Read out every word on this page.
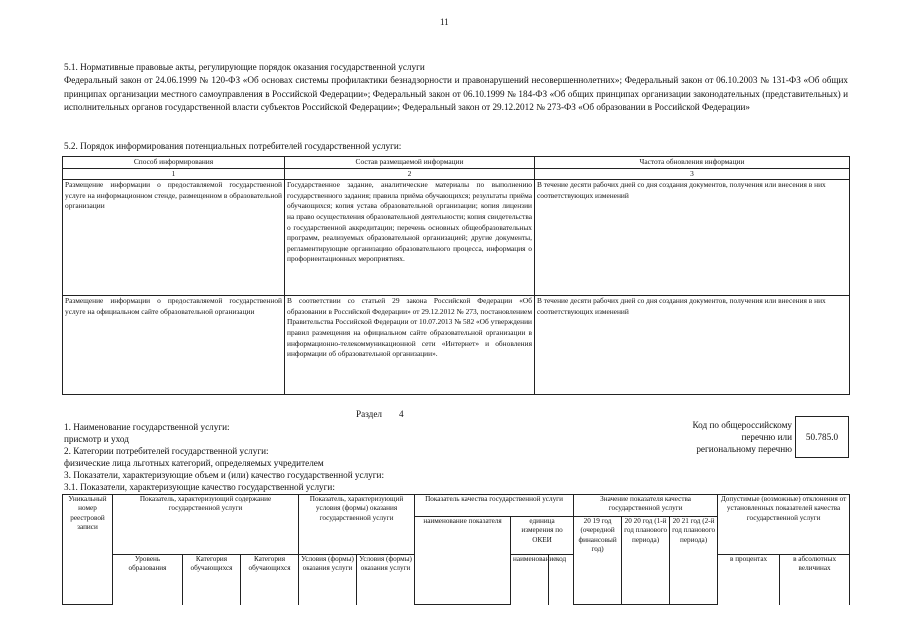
11
5.1. Нормативные правовые акты, регулирующие порядок оказания государственной услуги
Федеральный закон от 24.06.1999 № 120-ФЗ «Об основах системы профилактики безнадзорности и правонарушений несовершеннолетних»; Федеральный закон от 06.10.2003 № 131-ФЗ «Об общих принципах организации местного самоуправления в Российской Федерации»; Федеральный закон от 06.10.1999 № 184-ФЗ «Об общих принципах организации законодательных (представительных) и исполнительных органов государственной власти субъектов Российской Федерации»; Федеральный закон от 29.12.2012 № 273-ФЗ «Об образовании в Российской Федерации»
5.2. Порядок информирования потенциальных потребителей государственной услуги:
Способ информирования	Состав размещаемой информации	Частота обновления информации
1	2	3
Размещение информации о предоставляемой государственной услуге на информационном стенде, размещенном в образовательной организации	Государственное задание, аналитические материалы по выполнению государственного задания; правила приёма обучающихся; результаты приёма обучающихся; копия устава образовательной организации; копия лицензии на право осуществления образовательной деятельности; копия свидетельства о государственной аккредитации; перечень основных общеобразовательных программ, реализуемых образовательной организацией; другие документы, регламентирующие организацию образовательного процесса, информация о профориентационных мероприятиях.	В течение десяти рабочих дней со дня создания документов, получения или внесения в них соответствующих изменений
Размещение информации о предоставляемой государственной услуге на официальном сайте образовательной организации	В соответствии со статьей 29 закона Российской Федерации «Об образовании в Российской Федерации» от 29.12.2012 № 273, постановлением Правительства Российской Федерации от 10.07.2013 № 582 «Об утверждении правил размещения на официальном сайте образовательной организации в информационно-телекоммуникационной сети «Интернет» и обновления информации об образовательной организации».	В течение десяти рабочих дней со дня создания документов, получения или внесения в них соответствующих изменений
Раздел 4
1. Наименование государственной услуги:
присмотр и уход
2. Категории потребителей государственной услуги:
физические лица льготных категорий, определяемых учредителем
3. Показатели, характеризующие объем и (или) качество государственной услуги:
3.1. Показатели, характеризующие качество государственной услуги:
Код по общероссийскому
перечню или
региональному перечню
50.785.0
Уникальный номер реестровой записи	Показатель, характеризующий содержание государственной услуги			Показатель, характеризующий условия (формы) оказания государственной услуги		Показатель качества государственной услуги			Значение показателя качества государственной услуги			Допустимые (возможные) отклонения от установленных показателей качества государственной услуги	
						наименование показателя	единица измерения по ОКЕИ		20 19 год (очередной финансовый год)	20 20 год (1-й год планового периода)	20 21 год (2-й год планового периода)		
	Уровень образования	Категория обучающихся	Категория обучающихся	Условия (формы) оказания услуги	Условия (формы) оказания услуги		наименование	код				в процентах	в абсолютных величинах
